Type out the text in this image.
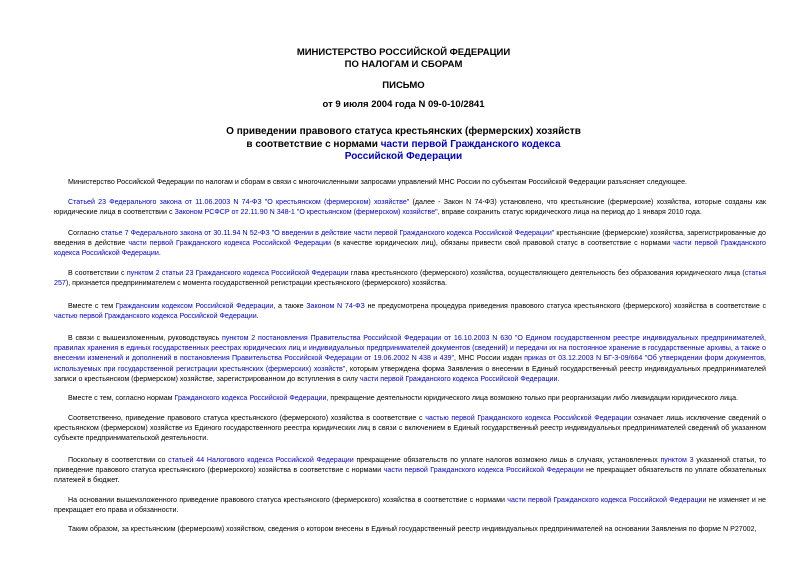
МИНИСТЕРСТВО РОССИЙСКОЙ ФЕДЕРАЦИИ
ПО НАЛОГАМ И СБОРАМ
ПИСЬМО
от 9 июля 2004 года N 09-0-10/2841
О приведении правового статуса крестьянских (фермерских) хозяйств
в соответствие с нормами части первой Гражданского кодекса
Российской Федерации
Министерство Российской Федерации по налогам и сборам в связи с многочисленными запросами управлений МНС России по субъектам Российской Федерации разъясняет следующее.
Статьей 23 Федерального закона от 11.06.2003 N 74-ФЗ "О крестьянском (фермерском) хозяйстве" (далее - Закон N 74-ФЗ) установлено, что крестьянские (фермерские) хозяйства, которые созданы как юридические лица в соответствии с Законом РСФСР от 22.11.90 N 348-1 "О крестьянском (фермерском) хозяйстве", вправе сохранить статус юридического лица на период до 1 января 2010 года.
Согласно статье 7 Федерального закона от 30.11.94 N 52-ФЗ "О введении в действие части первой Гражданского кодекса Российской Федерации" крестьянские (фермерские) хозяйства, зарегистрированные до введения в действие части первой Гражданского кодекса Российской Федерации (в качестве юридических лиц), обязаны привести свой правовой статус в соответствие с нормами части первой Гражданского кодекса Российской Федерации.
В соответствии с пунктом 2 статьи 23 Гражданского кодекса Российской Федерации глава крестьянского (фермерского) хозяйства, осуществляющего деятельность без образования юридического лица (статья 257), признается предпринимателем с момента государственной регистрации крестьянского (фермерского) хозяйства.
Вместе с тем Гражданским кодексом Российской Федерации, а также Законом N 74-ФЗ не предусмотрена процедура приведения правового статуса крестьянского (фермерского) хозяйства в соответствие с частью первой Гражданского кодекса Российской Федерации.
В связи с вышеизложенным, руководствуясь пунктом 2 постановления Правительства Российской Федерации от 16.10.2003 N 630 "О Едином государственном реестре индивидуальных предпринимателей, правилах хранения в единых государственных реестрах юридических лиц и индивидуальных предпринимателей документов (сведений) и передачи их на постоянное хранение в государственные архивы, а также о внесении изменений и дополнений в постановления Правительства Российской Федерации от 19.06.2002 N 438 и 439", МНС России издан приказ от 03.12.2003 N БГ-3-09/664 "Об утверждении форм документов, используемых при государственной регистрации крестьянских (фермерских) хозяйств", которым утверждена форма Заявления о внесении в Единый государственный реестр индивидуальных предпринимателей записи о крестьянском (фермерском) хозяйстве, зарегистрированном до вступления в силу части первой Гражданского кодекса Российской Федерации.
Вместе с тем, согласно нормам Гражданского кодекса Российской Федерации, прекращение деятельности юридического лица возможно только при реорганизации либо ликвидации юридического лица.
Соответственно, приведение правового статуса крестьянского (фермерского) хозяйства в соответствие с частью первой Гражданского кодекса Российской Федерации означает лишь исключение сведений о крестьянском (фермерском) хозяйстве из Единого государственного реестра юридических лиц в связи с включением в Единый государственный реестр индивидуальных предпринимателей сведений об указанном субъекте предпринимательской деятельности.
Поскольку в соответствии со статьей 44 Налогового кодекса Российской Федерации прекращение обязательств по уплате налогов возможно лишь в случаях, установленных пунктом 3 указанной статьи, то приведение правового статуса крестьянского (фермерского) хозяйства в соответствие с нормами части первой Гражданского кодекса Российской Федерации не прекращает обязательств по уплате обязательных платежей в бюджет.
На основании вышеизложенного приведение правового статуса крестьянского (фермерского) хозяйства в соответствие с нормами части первой Гражданского кодекса Российской Федерации не изменяет и не прекращает его права и обязанности.
Таким образом, за крестьянским (фермерским) хозяйством, сведения о котором внесены в Единый государственный реестр индивидуальных предпринимателей на основании Заявления по форме N Р27002,
